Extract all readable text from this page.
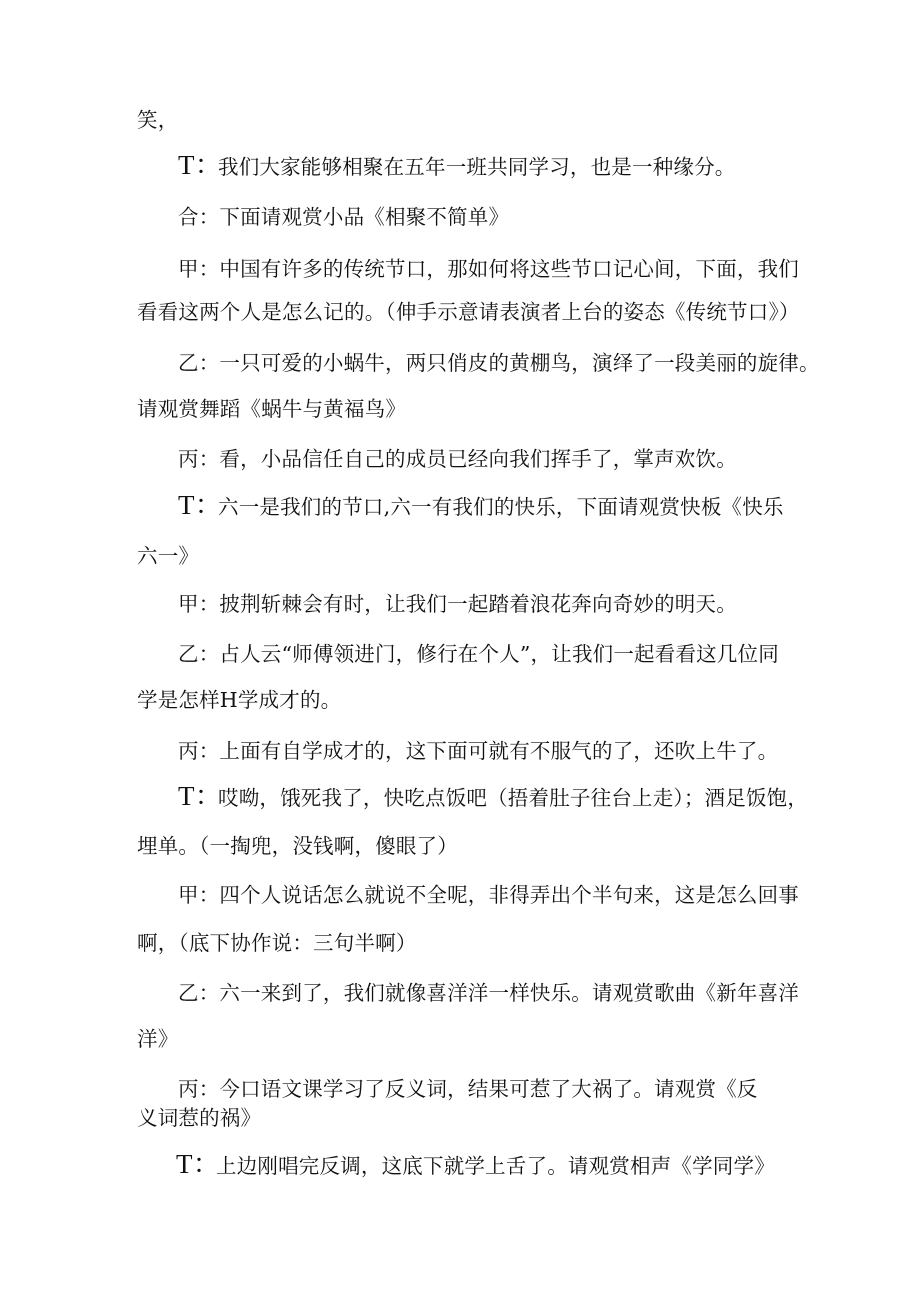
笑，
T：我们大家能够相聚在五年一班共同学习，也是一种缘分。
合：下面请观赏小品《相聚不简单》
甲：中国有许多的传统节口，那如何将这些节口记心间，下面，我们
看看这两个人是怎么记的。（伸手示意请表演者上台的姿态《传统节口》）
乙：一只可爱的小蜗牛，两只俏皮的黄棚鸟，演绎了一段美丽的旋律。
请观赏舞蹈《蜗牛与黄福鸟》
丙：看，小品信任自己的成员已经向我们挥手了，掌声欢饮。
T：六一是我们的节口,六一有我们的快乐，下面请观赏快板《快乐
六一》
甲：披荆斩棘会有时，让我们一起踏着浪花奔向奇妙的明天。
乙：占人云“师傅领进门，修行在个人”，让我们一起看看这几位同
学是怎样H学成才的。
丙：上面有自学成才的，这下面可就有不服气的了，还吹上牛了。
T：哎呦，饿死我了，快吃点饭吧（捂着肚子往台上走）；酒足饭饱，
埋单。（一掏兜，没钱啊，傻眼了）
甲：四个人说话怎么就说不全呢，非得弄出个半句来，这是怎么回事
啊，（底下协作说：三句半啊）
乙：六一来到了，我们就像喜洋洋一样快乐。请观赏歌曲《新年喜洋
洋》
丙：今口语文课学习了反义词，结果可惹了大祸了。请观赏《反
义词惹的祸》
T：上边刚唱完反调，这底下就学上舌了。请观赏相声《学同学》
